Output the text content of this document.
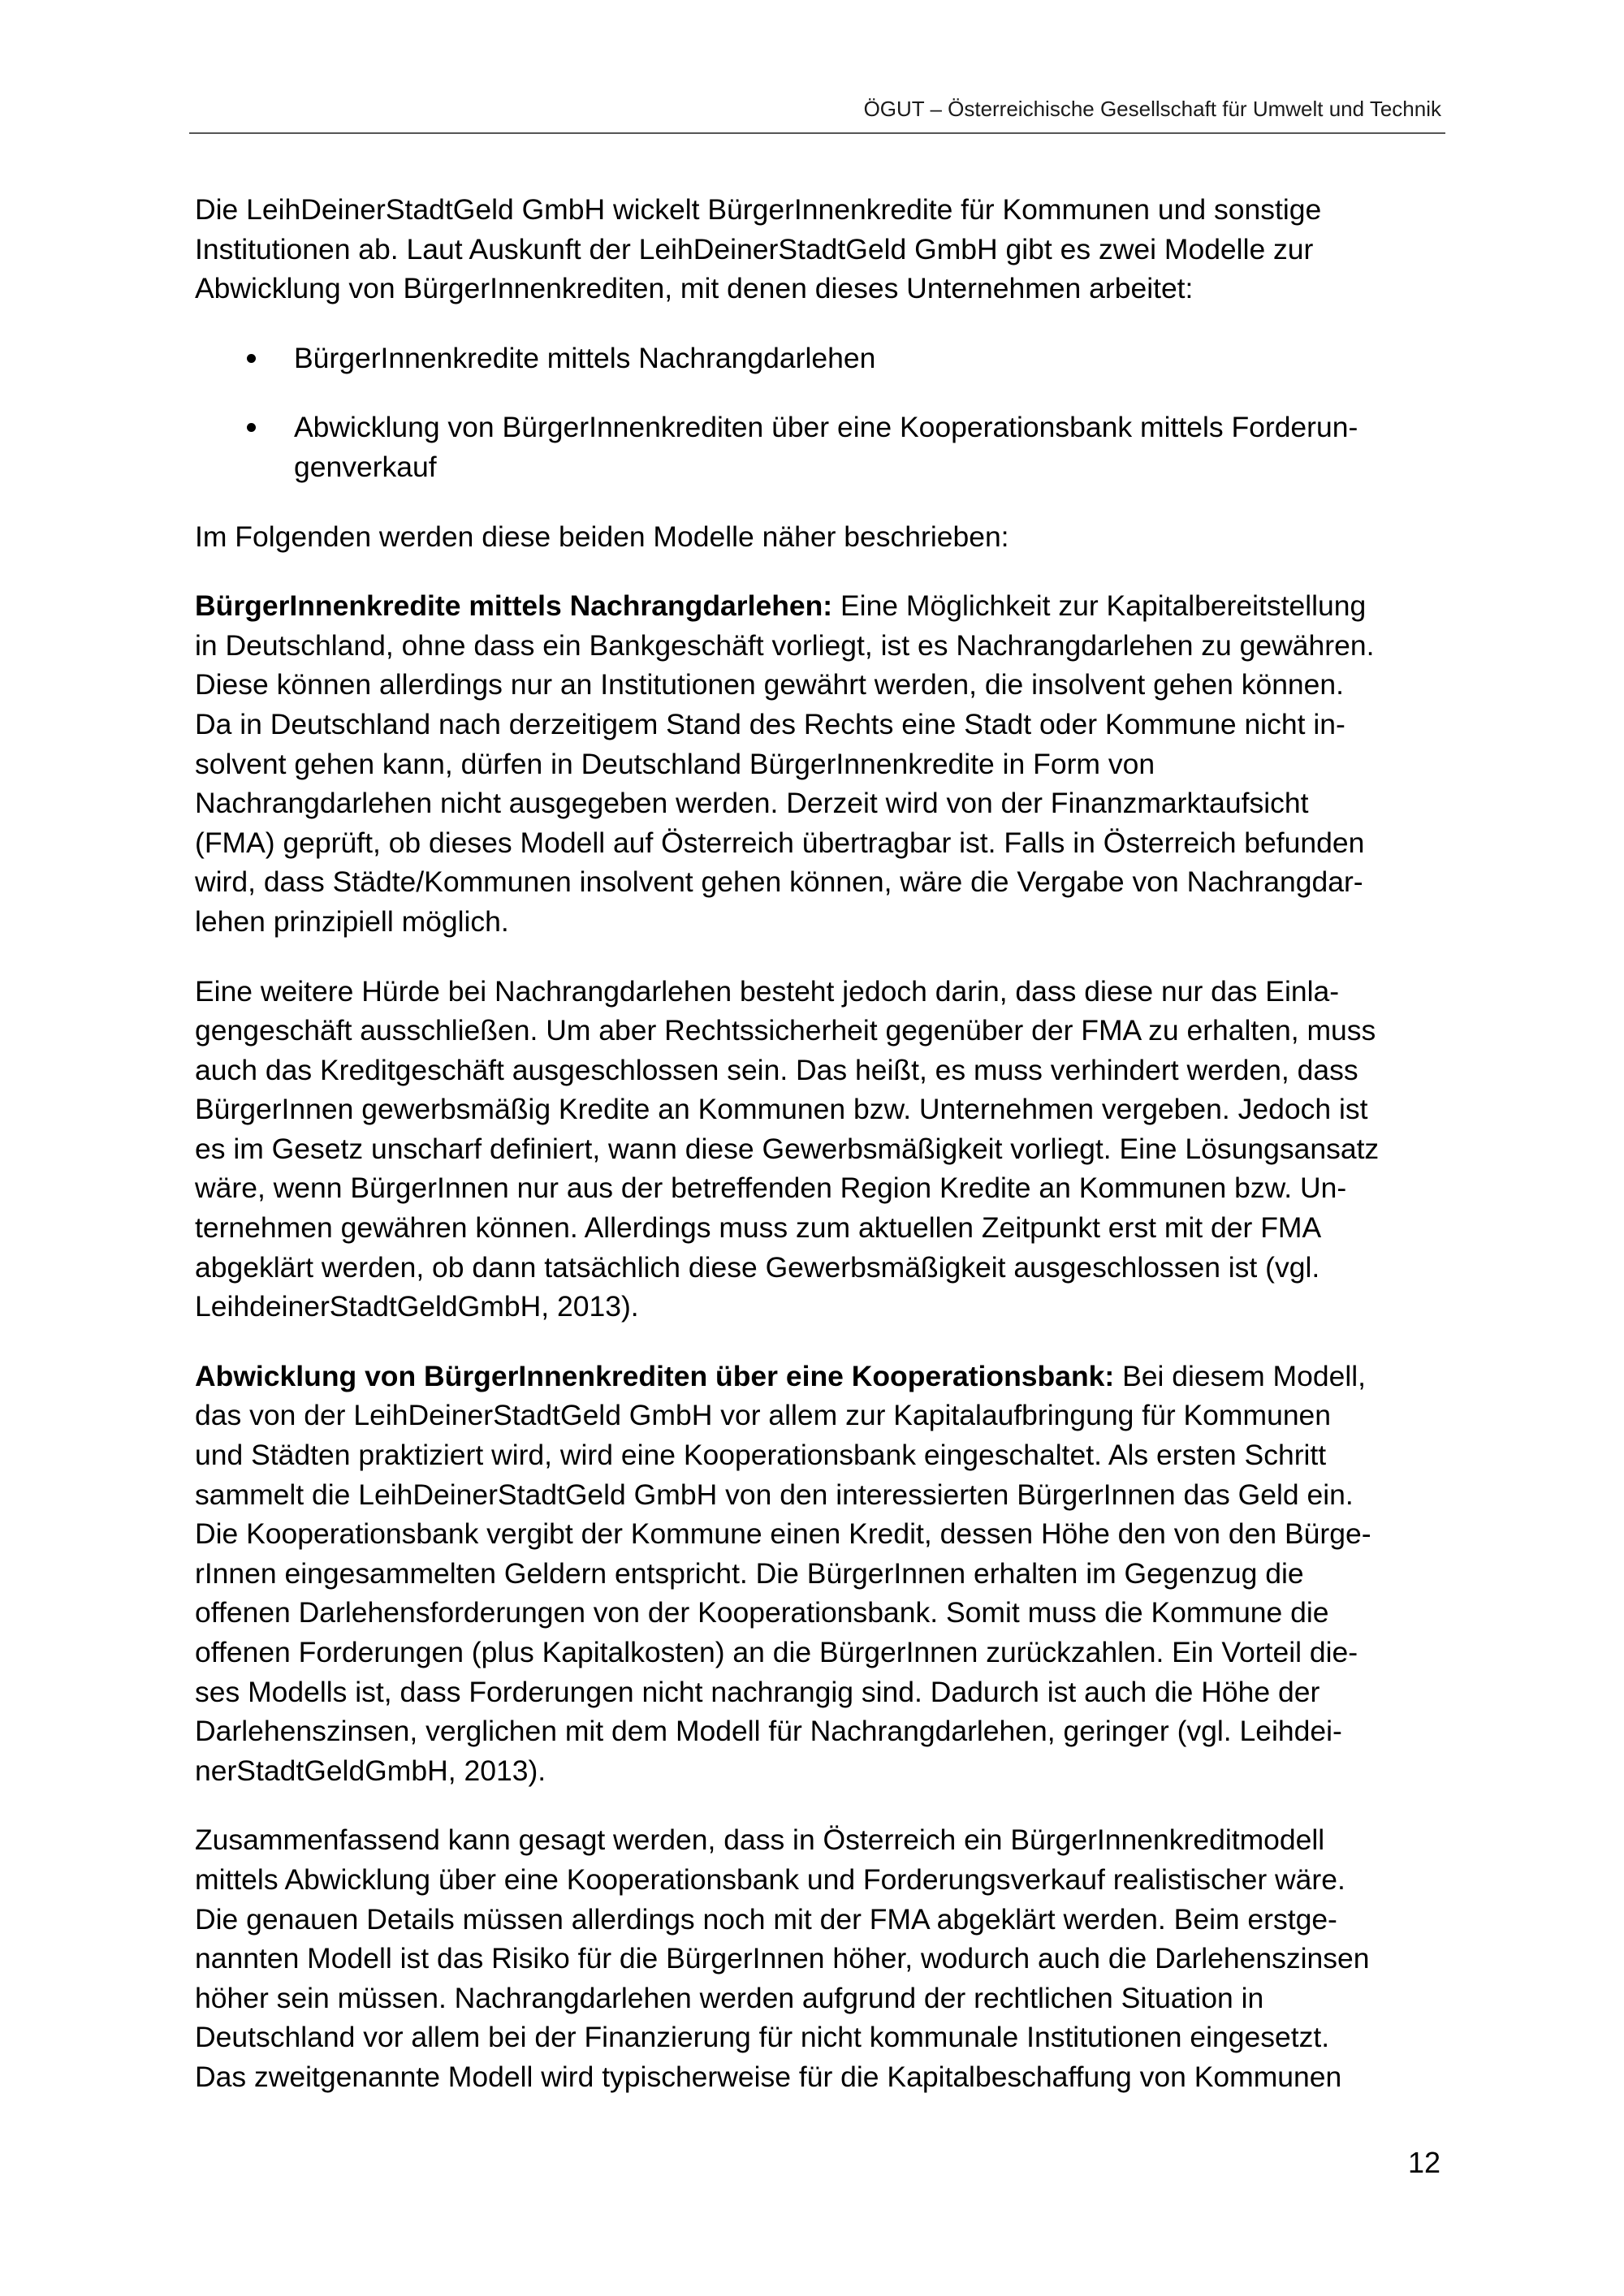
ÖGUT – Österreichische Gesellschaft für Umwelt und Technik

Die LeihDeinerStadtGeld GmbH wickelt BürgerInnenkredite für Kommunen und sonstige
Institutionen ab. Laut Auskunft der LeihDeinerStadtGeld GmbH gibt es zwei Modelle zur
Abwicklung von BürgerInnenkrediten, mit denen dieses Unternehmen arbeitet:

BürgerInnenkredite mittels Nachrangdarlehen
Abwicklung von BürgerInnenkrediten über eine Kooperationsbank mittels Forderun-
genverkauf

Im Folgenden werden diese beiden Modelle näher beschrieben:

BürgerInnenkredite mittels Nachrangdarlehen: Eine Möglichkeit zur Kapitalbereitstellung
in Deutschland, ohne dass ein Bankgeschäft vorliegt, ist es Nachrangdarlehen zu gewähren.
Diese können allerdings nur an Institutionen gewährt werden, die insolvent gehen können.
Da in Deutschland nach derzeitigem Stand des Rechts eine Stadt oder Kommune nicht in-
solvent gehen kann, dürfen in Deutschland BürgerInnenkredite in Form von
Nachrangdarlehen nicht ausgegeben werden. Derzeit wird von der Finanzmarktaufsicht
(FMA) geprüft, ob dieses Modell auf Österreich übertragbar ist. Falls in Österreich befunden
wird, dass Städte/Kommunen insolvent gehen können, wäre die Vergabe von Nachrangdar-
lehen prinzipiell möglich.

Eine weitere Hürde bei Nachrangdarlehen besteht jedoch darin, dass diese nur das Einla-
gengeschäft ausschließen. Um aber Rechtssicherheit gegenüber der FMA zu erhalten, muss
auch das Kreditgeschäft ausgeschlossen sein. Das heißt, es muss verhindert werden, dass
BürgerInnen gewerbsmäßig Kredite an Kommunen bzw. Unternehmen vergeben. Jedoch ist
es im Gesetz unscharf definiert, wann diese Gewerbsmäßigkeit vorliegt. Eine Lösungsansatz
wäre, wenn BürgerInnen nur aus der betreffenden Region Kredite an Kommunen bzw. Un-
ternehmen gewähren können. Allerdings muss zum aktuellen Zeitpunkt erst mit der FMA
abgeklärt werden, ob dann tatsächlich diese Gewerbsmäßigkeit ausgeschlossen ist (vgl.
LeihdeinerStadtGeldGmbH, 2013).

Abwicklung von BürgerInnenkrediten über eine Kooperationsbank: Bei diesem Modell,
das von der LeihDeinerStadtGeld GmbH vor allem zur Kapitalaufbringung für Kommunen
und Städten praktiziert wird, wird eine Kooperationsbank eingeschaltet. Als ersten Schritt
sammelt die LeihDeinerStadtGeld GmbH von den interessierten BürgerInnen das Geld ein.
Die Kooperationsbank vergibt der Kommune einen Kredit, dessen Höhe den von den Bürge-
rInnen eingesammelten Geldern entspricht. Die BürgerInnen erhalten im Gegenzug die
offenen Darlehensforderungen von der Kooperationsbank. Somit muss die Kommune die
offenen Forderungen (plus Kapitalkosten) an die BürgerInnen zurückzahlen. Ein Vorteil die-
ses Modells ist, dass Forderungen nicht nachrangig sind. Dadurch ist auch die Höhe der
Darlehenszinsen, verglichen mit dem Modell für Nachrangdarlehen, geringer (vgl. Leihdei-
nerStadtGeldGmbH, 2013).

Zusammenfassend kann gesagt werden, dass in Österreich ein BürgerInnenkreditmodell
mittels Abwicklung über eine Kooperationsbank und Forderungsverkauf realistischer wäre.
Die genauen Details müssen allerdings noch mit der FMA abgeklärt werden. Beim erstge-
nannten Modell ist das Risiko für die BürgerInnen höher, wodurch auch die Darlehenszinsen
höher sein müssen. Nachrangdarlehen werden aufgrund der rechtlichen Situation in
Deutschland vor allem bei der Finanzierung für nicht kommunale Institutionen eingesetzt.
Das zweitgenannte Modell wird typischerweise für die Kapitalbeschaffung von Kommunen

12
